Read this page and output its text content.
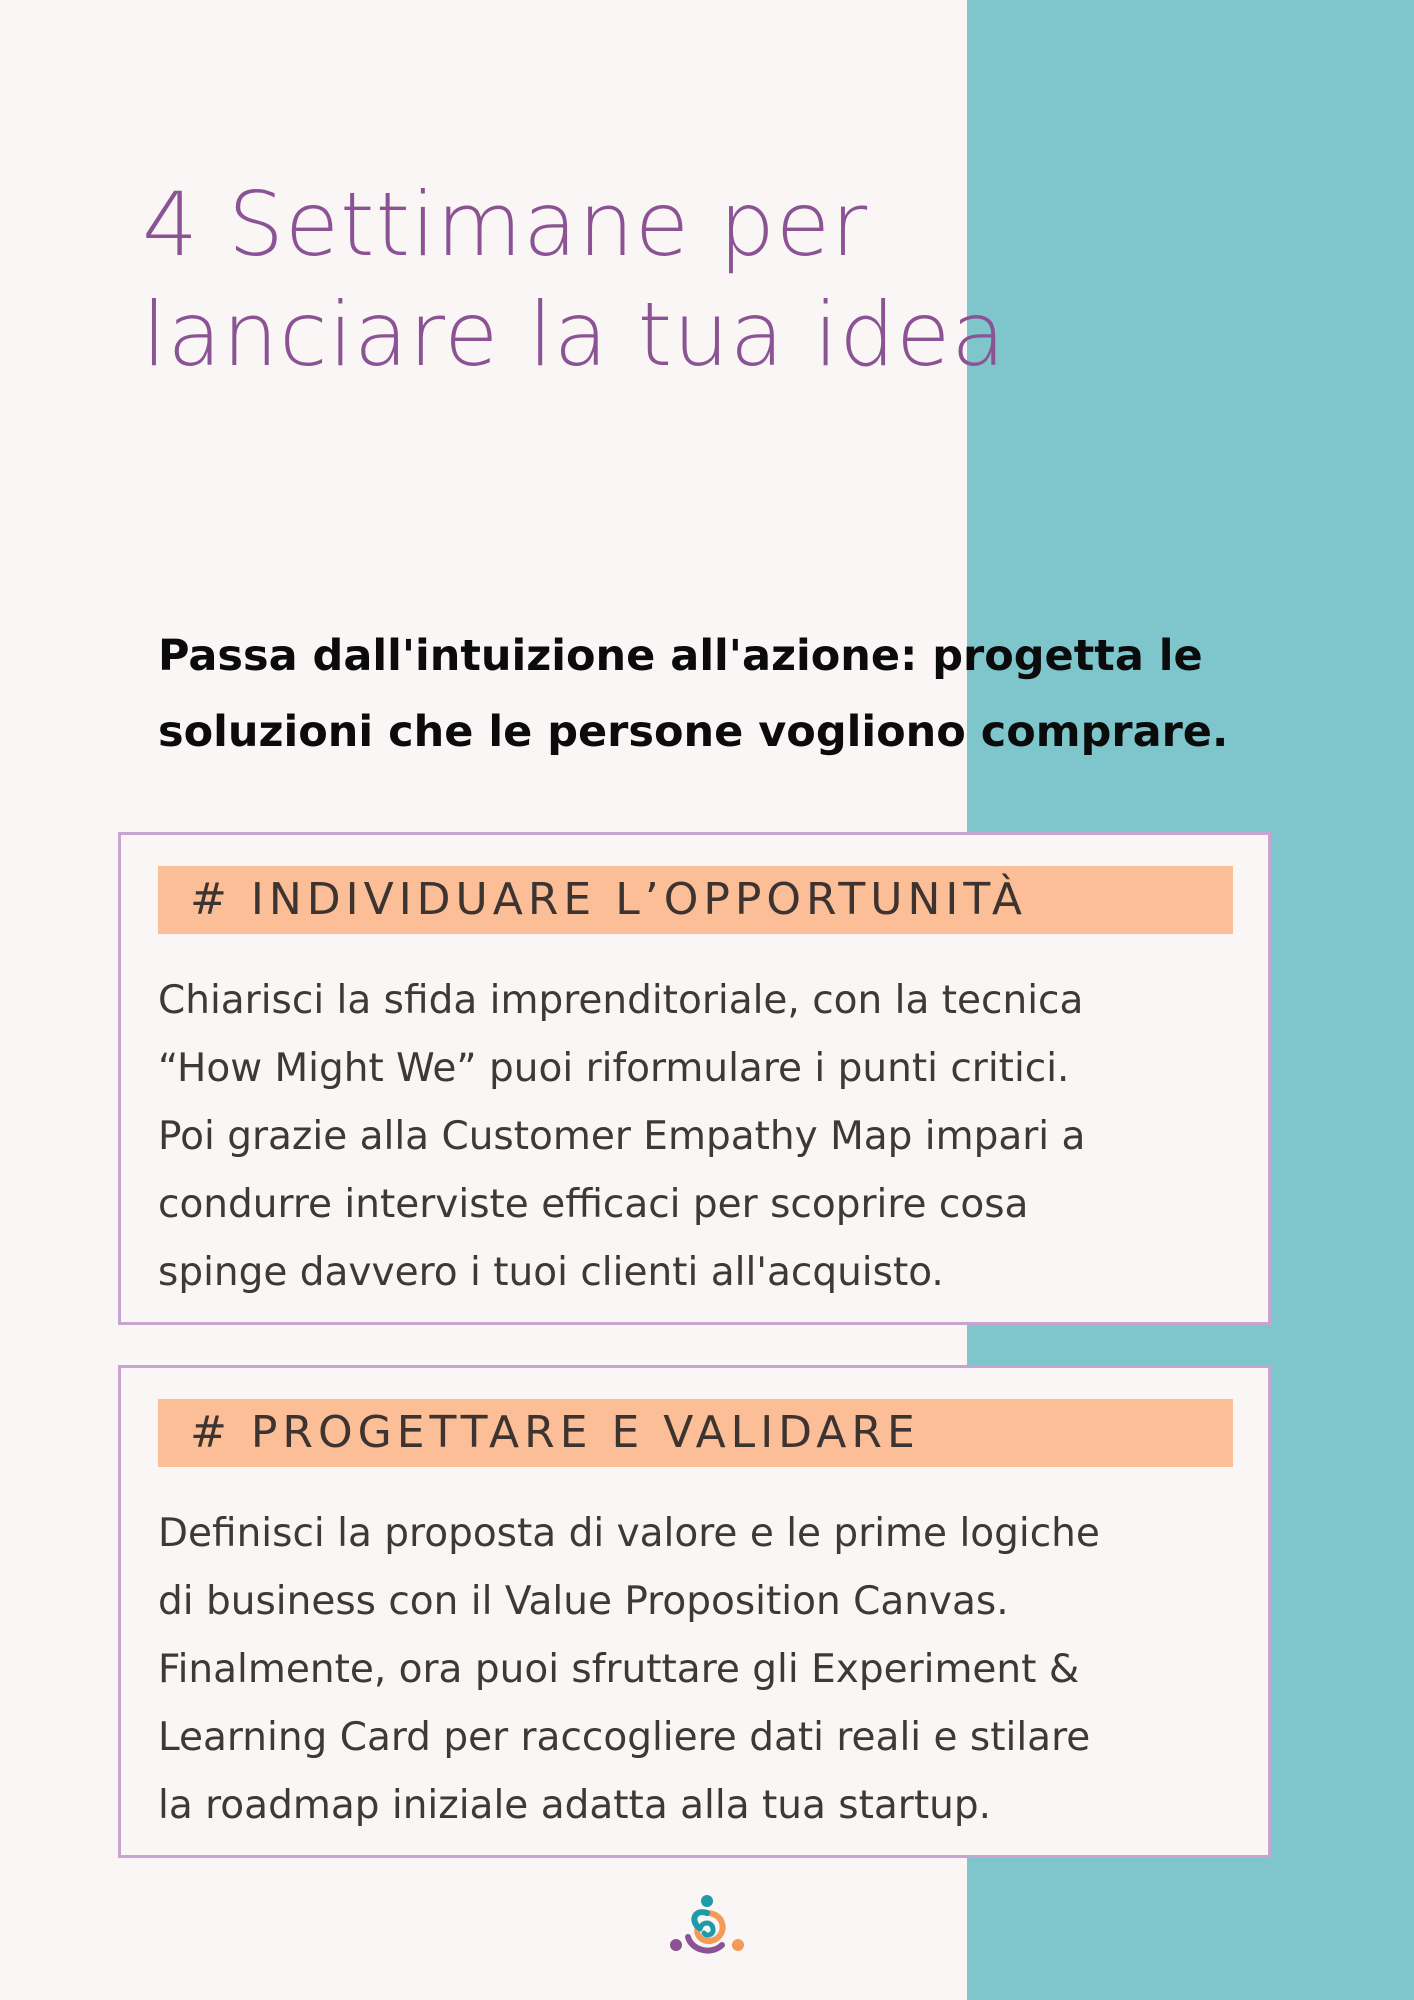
4 Settimane per
lanciare la tua idea

Passa dall'intuizione all'azione: progetta le
soluzioni che le persone vogliono comprare.

# INDIVIDUARE L’OPPORTUNITÀ

Chiarisci la sfida imprenditoriale, con la tecnica
“How Might We” puoi riformulare i punti critici.
Poi grazie alla Customer Empathy Map impari a
condurre interviste efficaci per scoprire cosa
spinge davvero i tuoi clienti all'acquisto.

# PROGETTARE E VALIDARE

Definisci la proposta di valore e le prime logiche
di business con il Value Proposition Canvas.
Finalmente, ora puoi sfruttare gli Experiment &
Learning Card per raccogliere dati reali e stilare
la roadmap iniziale adatta alla tua startup.
